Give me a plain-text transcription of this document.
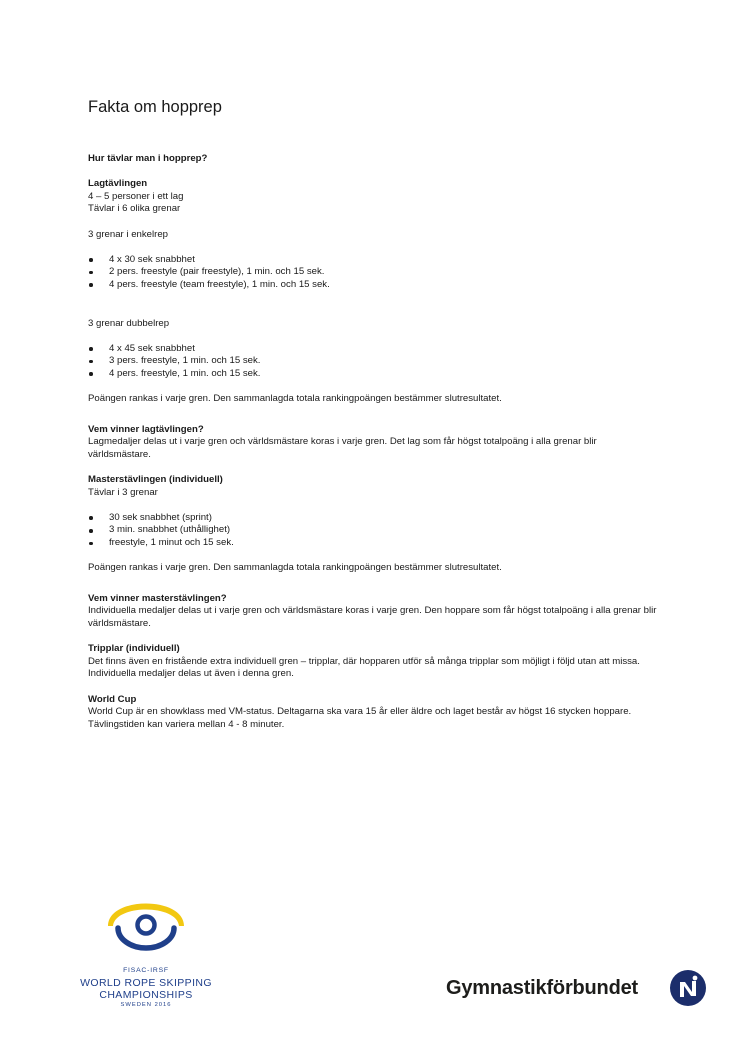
Fakta om hopprep

Hur tävlar man i hopprep?

Lagtävlingen

4 – 5 personer i ett lag

Tävlar i 6 olika grenar

3 grenar i enkelrep

4 x 30 sek snabbhet
2 pers. freestyle (pair freestyle), 1 min. och 15 sek.
4 pers. freestyle (team freestyle), 1 min. och 15 sek.

3 grenar dubbelrep

4 x 45 sek snabbhet
3 pers. freestyle, 1 min. och 15 sek.
4 pers. freestyle, 1 min. och 15 sek.

Poängen rankas i varje gren. Den sammanlagda totala rankingpoängen bestämmer slutresultatet.

Vem vinner lagtävlingen?

Lagmedaljer delas ut i varje gren och världsmästare koras i varje gren. Det lag som får högst totalpoäng i alla grenar blir världsmästare.

Masterstävlingen (individuell)

Tävlar i 3 grenar

30 sek snabbhet (sprint)
3 min. snabbhet (uthållighet)
freestyle, 1 minut och 15 sek.

Poängen rankas i varje gren. Den sammanlagda totala rankingpoängen bestämmer slutresultatet.

Vem vinner masterstävlingen?

Individuella medaljer delas ut i varje gren och världsmästare koras i varje gren. Den hoppare som får högst totalpoäng i alla grenar blir världsmästare.

Tripplar (individuell)

Det finns även en fristående extra individuell gren – tripplar, där hopparen utför så många tripplar som möjligt i följd utan att missa. Individuella medaljer delas ut även i denna gren.

World Cup

World Cup är en showklass med VM-status. Deltagarna ska vara 15 år eller äldre och laget består av högst 16 stycken hoppare. Tävlingstiden kan variera mellan 4 - 8 minuter.

FISAC-IRSF
WORLD ROPE SKIPPING
CHAMPIONSHIPS
SWEDEN 2016
Gymnastikförbundet
